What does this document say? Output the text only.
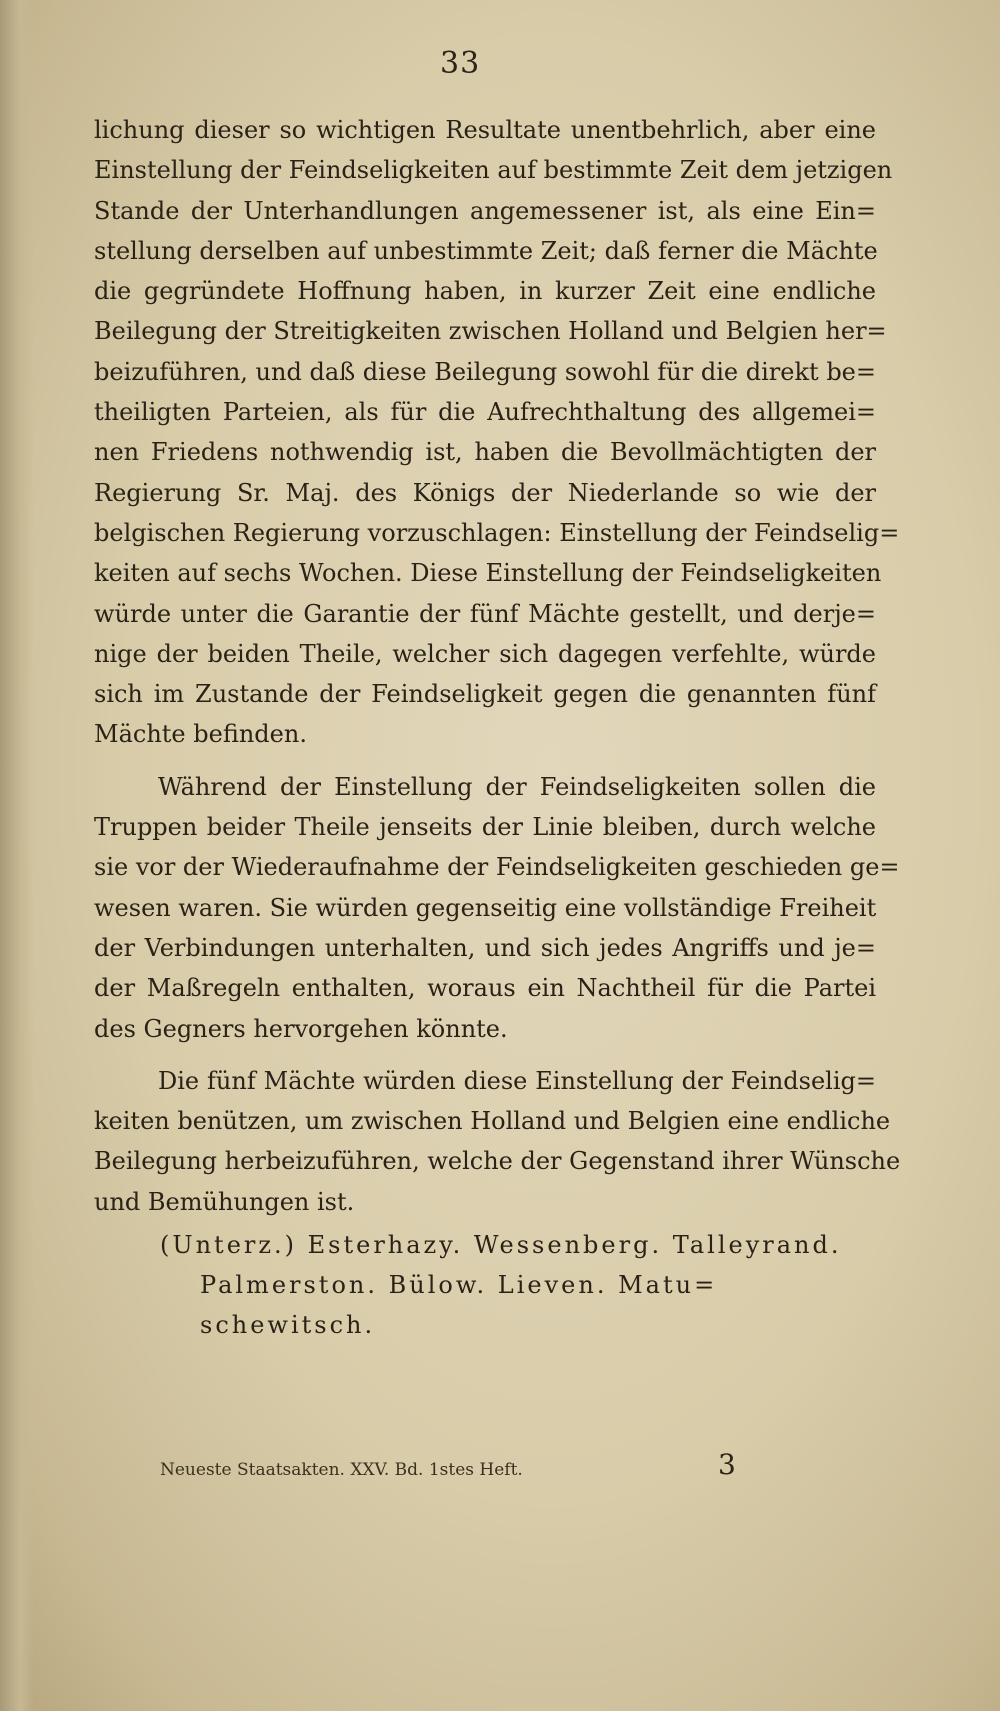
33
lichung dieser so wichtigen Resultate unentbehrlich, aber eine
Einstellung der Feindseligkeiten auf bestimmte Zeit dem jetzigen
Stande der Unterhandlungen angemessener ist, als eine Ein=
stellung derselben auf unbestimmte Zeit; daß ferner die Mächte
die gegründete Hoffnung haben, in kurzer Zeit eine endliche
Beilegung der Streitigkeiten zwischen Holland und Belgien her=
beizuführen, und daß diese Beilegung sowohl für die direkt be=
theiligten Parteien, als für die Aufrechthaltung des allgemei=
nen Friedens nothwendig ist, haben die Bevollmächtigten der
Regierung Sr. Maj. des Königs der Niederlande so wie der
belgischen Regierung vorzuschlagen: Einstellung der Feindselig=
keiten auf sechs Wochen. Diese Einstellung der Feindseligkeiten
würde unter die Garantie der fünf Mächte gestellt, und derje=
nige der beiden Theile, welcher sich dagegen verfehlte, würde
sich im Zustande der Feindseligkeit gegen die genannten fünf
Mächte befinden.
Während der Einstellung der Feindseligkeiten sollen die
Truppen beider Theile jenseits der Linie bleiben, durch welche
sie vor der Wiederaufnahme der Feindseligkeiten geschieden ge=
wesen waren. Sie würden gegenseitig eine vollständige Freiheit
der Verbindungen unterhalten, und sich jedes Angriffs und je=
der Maßregeln enthalten, woraus ein Nachtheil für die Partei
des Gegners hervorgehen könnte.
Die fünf Mächte würden diese Einstellung der Feindselig=
keiten benützen, um zwischen Holland und Belgien eine endliche
Beilegung herbeizuführen, welche der Gegenstand ihrer Wünsche
und Bemühungen ist.
(Unterz.) Esterhazy. Wessenberg. Talleyrand.
Palmerston. Bülow. Lieven. Matu=
schewitsch.
Neueste Staatsakten. XXV. Bd. 1stes Heft.	3
